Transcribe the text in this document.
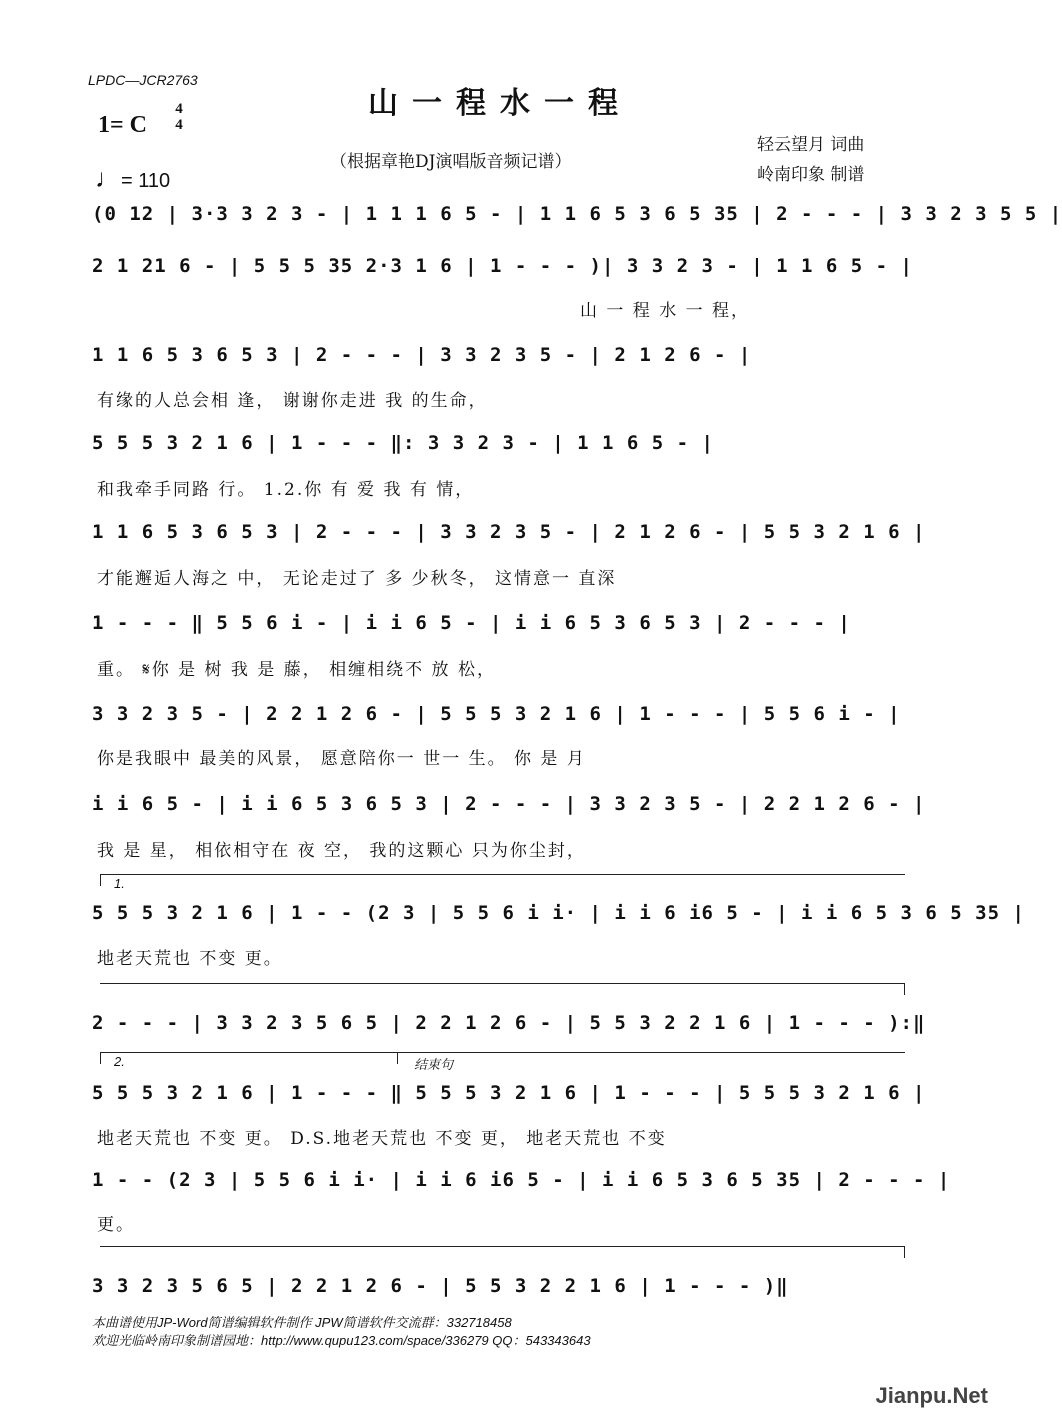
LPDC—JCR2763
山一程水一程
1= C
4
4
♩= 110
（根据章艳DJ演唱版音频记谱）
轻云望月 词曲
岭南印象 制谱
(0 12 | 3·3 3 2 3 - | 1 1 1 6 5 - | 1 1 6 5 3 6 5 35 | 2 - - - | 3 3 2 3 5 5 |
2 1 21 6 - | 5 5 5 35 2·3 1 6 | 1 - - - )| 3 3 2 3 - | 1 1 6 5 - |
山 一 程 水 一 程，
1 1 6 5 3 6 5 3 | 2 - - - | 3 3 2 3 5 - | 2 1 2 6 - |
有缘的人总会相 逢， 谢谢你走进 我 的生命，
5 5 5 3 2 1 6 | 1 - - - ‖: 3 3 2 3 - | 1 1 6 5 - |
和我牵手同路 行。 1.2.你 有 爱 我 有 情，
1 1 6 5 3 6 5 3 | 2 - - - | 3 3 2 3 5 - | 2 1 2 6 - | 5 5 3 2 1 6 |
才能邂逅人海之 中， 无论走过了 多 少秋冬， 这情意一 直深
1 - - - ‖ 5 5 6 i - | i i 6 5 - | i i 6 5 3 6 5 3 | 2 - - - |
重。 𝄋你 是 树 我 是 藤， 相缠相绕不 放 松，
3 3 2 3 5 - | 2 2 1 2 6 - | 5 5 5 3 2 1 6 | 1 - - - | 5 5 6 i - |
你是我眼中 最美的风景， 愿意陪你一 世一 生。 你 是 月
i i 6 5 - | i i 6 5 3 6 5 3 | 2 - - - | 3 3 2 3 5 - | 2 2 1 2 6 - |
我 是 星， 相依相守在 夜 空， 我的这颗心 只为你尘封，
1.
5 5 5 3 2 1 6 | 1 - - (2 3 | 5 5 6 i i· | i i 6 i6 5 - | i i 6 5 3 6 5 35 |
地老天荒也 不变 更。
2 - - - | 3 3 2 3 5 6 5 | 2 2 1 2 6 - | 5 5 3 2 2 1 6 | 1 - - - ):‖
2.	结束句
5 5 5 3 2 1 6 | 1 - - - ‖ 5 5 5 3 2 1 6 | 1 - - - | 5 5 5 3 2 1 6 |
地老天荒也 不变 更。 D.S.地老天荒也 不变 更， 地老天荒也 不变
1 - - (2 3 | 5 5 6 i i· | i i 6 i6 5 - | i i 6 5 3 6 5 35 | 2 - - - |
更。
3 3 2 3 5 6 5 | 2 2 1 2 6 - | 5 5 3 2 2 1 6 | 1 - - - )‖
本曲谱使用JP-Word简谱编辑软件制作 JPW简谱软件交流群：332718458
欢迎光临岭南印象制谱园地：http://www.qupu123.com/space/336279 QQ：543343643
Jianpu.Net
